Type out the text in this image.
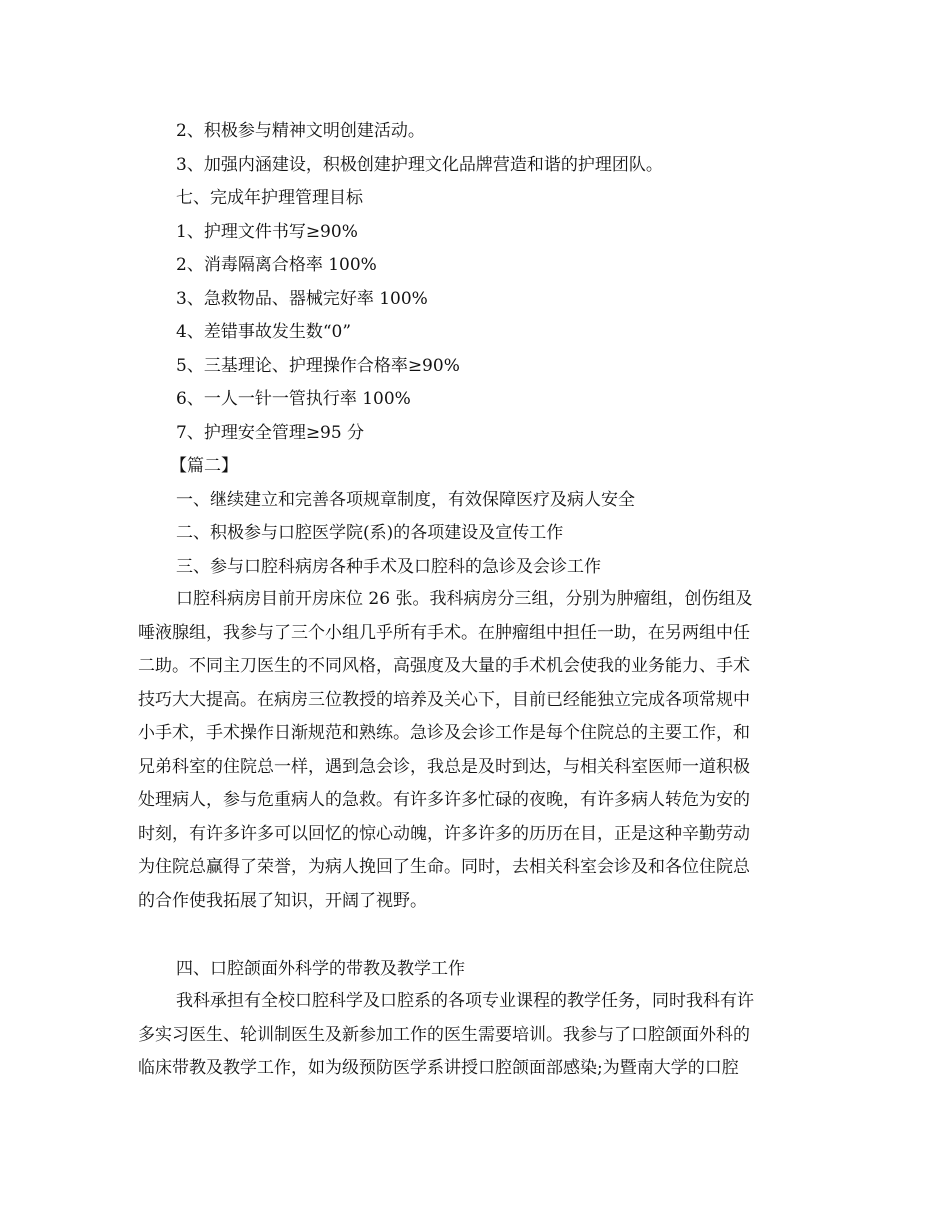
2、积极参与精神文明创建活动。
3、加强内涵建设，积极创建护理文化品牌营造和谐的护理团队。
七、完成年护理管理目标
1、护理文件书写≥90%
2、消毒隔离合格率 100%
3、急救物品、器械完好率 100%
4、差错事故发生数“0”
5、三基理论、护理操作合格率≥90%
6、一人一针一管执行率 100%
7、护理安全管理≥95 分
【篇二】
一、继续建立和完善各项规章制度，有效保障医疗及病人安全
二、积极参与口腔医学院(系)的各项建设及宣传工作
三、参与口腔科病房各种手术及口腔科的急诊及会诊工作
口腔科病房目前开房床位 26 张。我科病房分三组，分别为肿瘤组，创伤组及
唾液腺组，我参与了三个小组几乎所有手术。在肿瘤组中担任一助，在另两组中任
二助。不同主刀医生的不同风格，高强度及大量的手术机会使我的业务能力、手术
技巧大大提高。在病房三位教授的培养及关心下，目前已经能独立完成各项常规中
小手术，手术操作日渐规范和熟练。急诊及会诊工作是每个住院总的主要工作，和
兄弟科室的住院总一样，遇到急会诊，我总是及时到达，与相关科室医师一道积极
处理病人，参与危重病人的急救。有许多许多忙碌的夜晚，有许多病人转危为安的
时刻，有许多许多可以回忆的惊心动魄，许多许多的历历在目，正是这种辛勤劳动
为住院总赢得了荣誉，为病人挽回了生命。同时，去相关科室会诊及和各位住院总
的合作使我拓展了知识，开阔了视野。
四、口腔颌面外科学的带教及教学工作
我科承担有全校口腔科学及口腔系的各项专业课程的教学任务，同时我科有许
多实习医生、轮训制医生及新参加工作的医生需要培训。我参与了口腔颌面外科的
临床带教及教学工作，如为级预防医学系讲授口腔颌面部感染;为暨南大学的口腔
